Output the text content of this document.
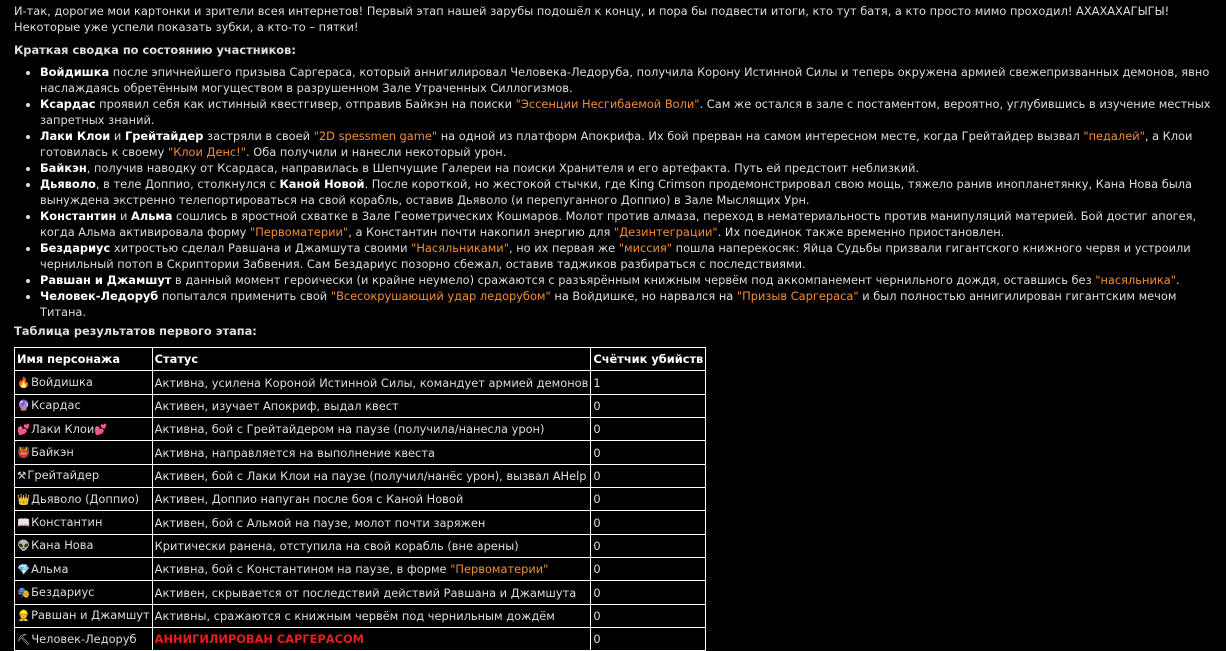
И-так, дорогие мои картонки и зрители всея интернетов! Первый этап нашей зарубы подошёл к концу, и пора бы подвести итоги, кто тут батя, а кто просто мимо проходил! АХАХАХАГЫГЫ! Некоторые уже успели показать зубки, а кто-то – пятки!

Краткая сводка по состоянию участников:

• Войдишка после эпичнейшего призыва Саргераса, который аннигилировал Человека-Ледоруба, получила Корону Истинной Силы и теперь окружена армией свежепризванных демонов, явно наслаждаясь обретённым могуществом в разрушенном Зале Утраченных Силлогизмов.
• Ксардас проявил себя как истинный квестгивер, отправив Байкэн на поиски "Эссенции Несгибаемой Воли". Сам же остался в зале с постаментом, вероятно, углубившись в изучение местных запретных знаний.
• Лаки Клои и Грейтайдер застряли в своей "2D spessmen game" на одной из платформ Апокрифа. Их бой прерван на самом интересном месте, когда Грейтайдер вызвал "педалей", а Клои готовилась к своему "Клои Денс!". Оба получили и нанесли некоторый урон.
• Байкэн, получив наводку от Ксардаса, направилась в Шепчущие Галереи на поиски Хранителя и его артефакта. Путь ей предстоит неблизкий.
• Дьяволо, в теле Доппио, столкнулся с Каной Новой. После короткой, но жестокой стычки, где King Crimson продемонстрировал свою мощь, тяжело ранив инопланетянку, Кана Нова была вынуждена экстренно телепортироваться на свой корабль, оставив Дьяволо (и перепуганного Доппио) в Зале Мыслящих Урн.
• Константин и Альма сошлись в яростной схватке в Зале Геометрических Кошмаров. Молот против алмаза, переход в нематериальность против манипуляций материей. Бой достиг апогея, когда Альма активировала форму "Первоматерии", а Константин почти накопил энергию для "Дезинтеграции". Их поединок также временно приостановлен.
• Бездариус хитростью сделал Равшана и Джамшута своими "Насяльниками", но их первая же "миссия" пошла наперекосяк: Яйца Судьбы призвали гигантского книжного червя и устроили чернильный потоп в Скриптории Забвения. Сам Бездариус позорно сбежал, оставив таджиков разбираться с последствиями.
• Равшан и Джамшут в данный момент героически (и крайне неумело) сражаются с разъярённым книжным червём под аккомпанемент чернильного дождя, оставшись без "насяльника".
• Человек-Ледоруб попытался применить свой "Всесокрушающий удар ледорубом" на Войдишке, но нарвался на "Призыв Саргераса" и был полностью аннигилирован гигантским мечом Титана.

Таблица результатов первого этапа:

Имя персонажа	Статус	Счётчик убийств
🔥Войдишка	Активна, усилена Короной Истинной Силы, командует армией демонов	1
🔮Ксардас	Активен, изучает Апокриф, выдал квест	0
💕Лаки Клои💕	Активна, бой с Грейтайдером на паузе (получила/нанесла урон)	0
👹Байкэн	Активна, направляется на выполнение квеста	0
⚒Грейтайдер	Активен, бой с Лаки Клои на паузе (получил/нанёс урон), вызвал AHelp	0
👑Дьяволо (Доппио)	Активен, Доппио напуган после боя с Каной Новой	0
📖Константин	Активен, бой с Альмой на паузе, молот почти заряжен	0
👽Кана Нова	Критически ранена, отступила на свой корабль (вне арены)	0
💎Альма	Активна, бой с Константином на паузе, в форме "Первоматерии"	0
🎭Бездариус	Активен, скрывается от последствий действий Равшана и Джамшута	0
👷Равшан и Джамшут	Активны, сражаются с книжным червём под чернильным дождём	0
⛏Человек-Ледоруб	АННИГИЛИРОВАН САРГЕРАСОМ	0
